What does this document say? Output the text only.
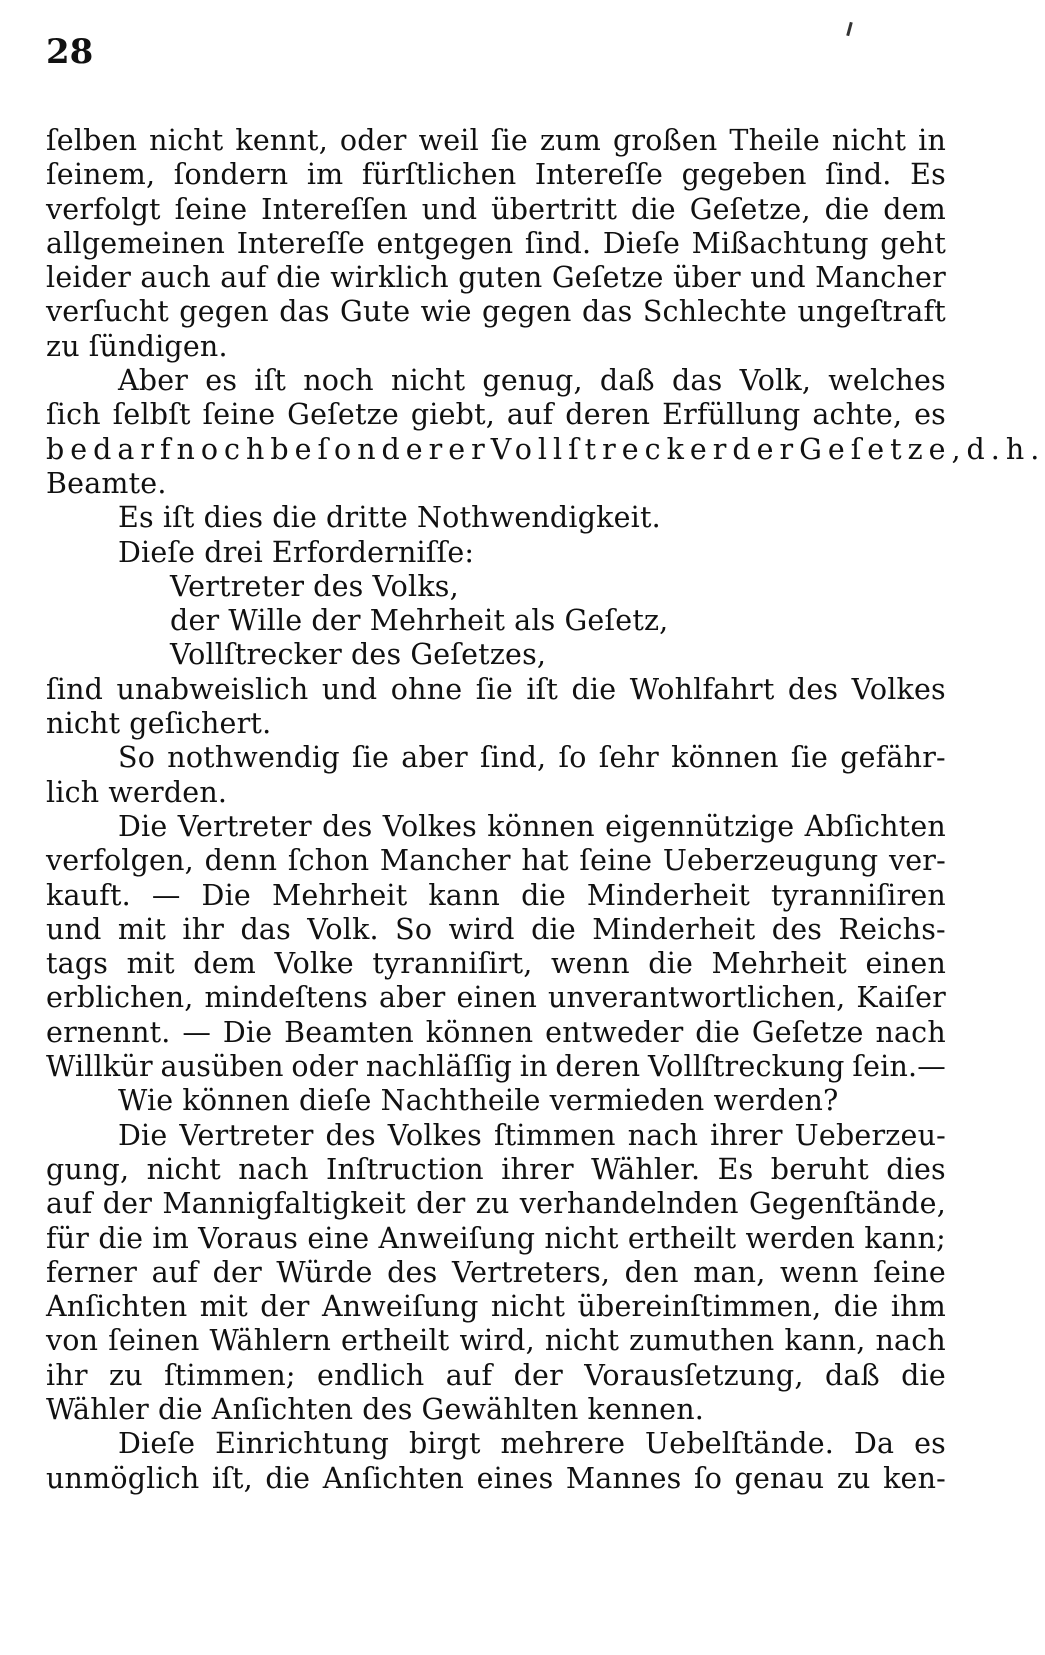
28
ſelben nicht kennt, oder weil ſie zum großen Theile nicht in
ſeinem, ſondern im fürſtlichen Intereſſe gegeben ſind. Es
verfolgt ſeine Intereſſen und übertritt die Geſetze, die dem
allgemeinen Intereſſe entgegen ſind. Dieſe Mißachtung geht
leider auch auf die wirklich guten Geſetze über und Mancher
verſucht gegen das Gute wie gegen das Schlechte ungeſtraft
zu ſündigen.
Aber es iſt noch nicht genug, daß das Volk, welches
ſich ſelbſt ſeine Geſetze giebt, auf deren Erfüllung achte, es
bedarf noch beſonderer Vollſtrecker der Geſetze, d.h.
Beamte.
Es iſt dies die dritte Nothwendigkeit.
Dieſe drei Erforderniſſe:
Vertreter des Volks,
der Wille der Mehrheit als Geſetz,
Vollſtrecker des Geſetzes,
ſind unabweislich und ohne ſie iſt die Wohlfahrt des Volkes
nicht geſichert.
So nothwendig ſie aber ſind, ſo ſehr können ſie gefähr-
lich werden.
Die Vertreter des Volkes können eigennützige Abſichten
verfolgen, denn ſchon Mancher hat ſeine Ueberzeugung ver-
kauft. — Die Mehrheit kann die Minderheit tyranniſiren
und mit ihr das Volk. So wird die Minderheit des Reichs-
tags mit dem Volke tyranniſirt, wenn die Mehrheit einen
erblichen, mindeſtens aber einen unverantwortlichen, Kaiſer
ernennt. — Die Beamten können entweder die Geſetze nach
Willkür ausüben oder nachläſſig in deren Vollſtreckung ſein.—
Wie können dieſe Nachtheile vermieden werden?
Die Vertreter des Volkes ſtimmen nach ihrer Ueberzeu-
gung, nicht nach Inſtruction ihrer Wähler. Es beruht dies
auf der Mannigfaltigkeit der zu verhandelnden Gegenſtände,
für die im Voraus eine Anweiſung nicht ertheilt werden kann;
ferner auf der Würde des Vertreters, den man, wenn ſeine
Anſichten mit der Anweiſung nicht übereinſtimmen, die ihm
von ſeinen Wählern ertheilt wird, nicht zumuthen kann, nach
ihr zu ſtimmen; endlich auf der Vorausſetzung, daß die
Wähler die Anſichten des Gewählten kennen.
Dieſe Einrichtung birgt mehrere Uebelſtände. Da es
unmöglich iſt, die Anſichten eines Mannes ſo genau zu ken-
